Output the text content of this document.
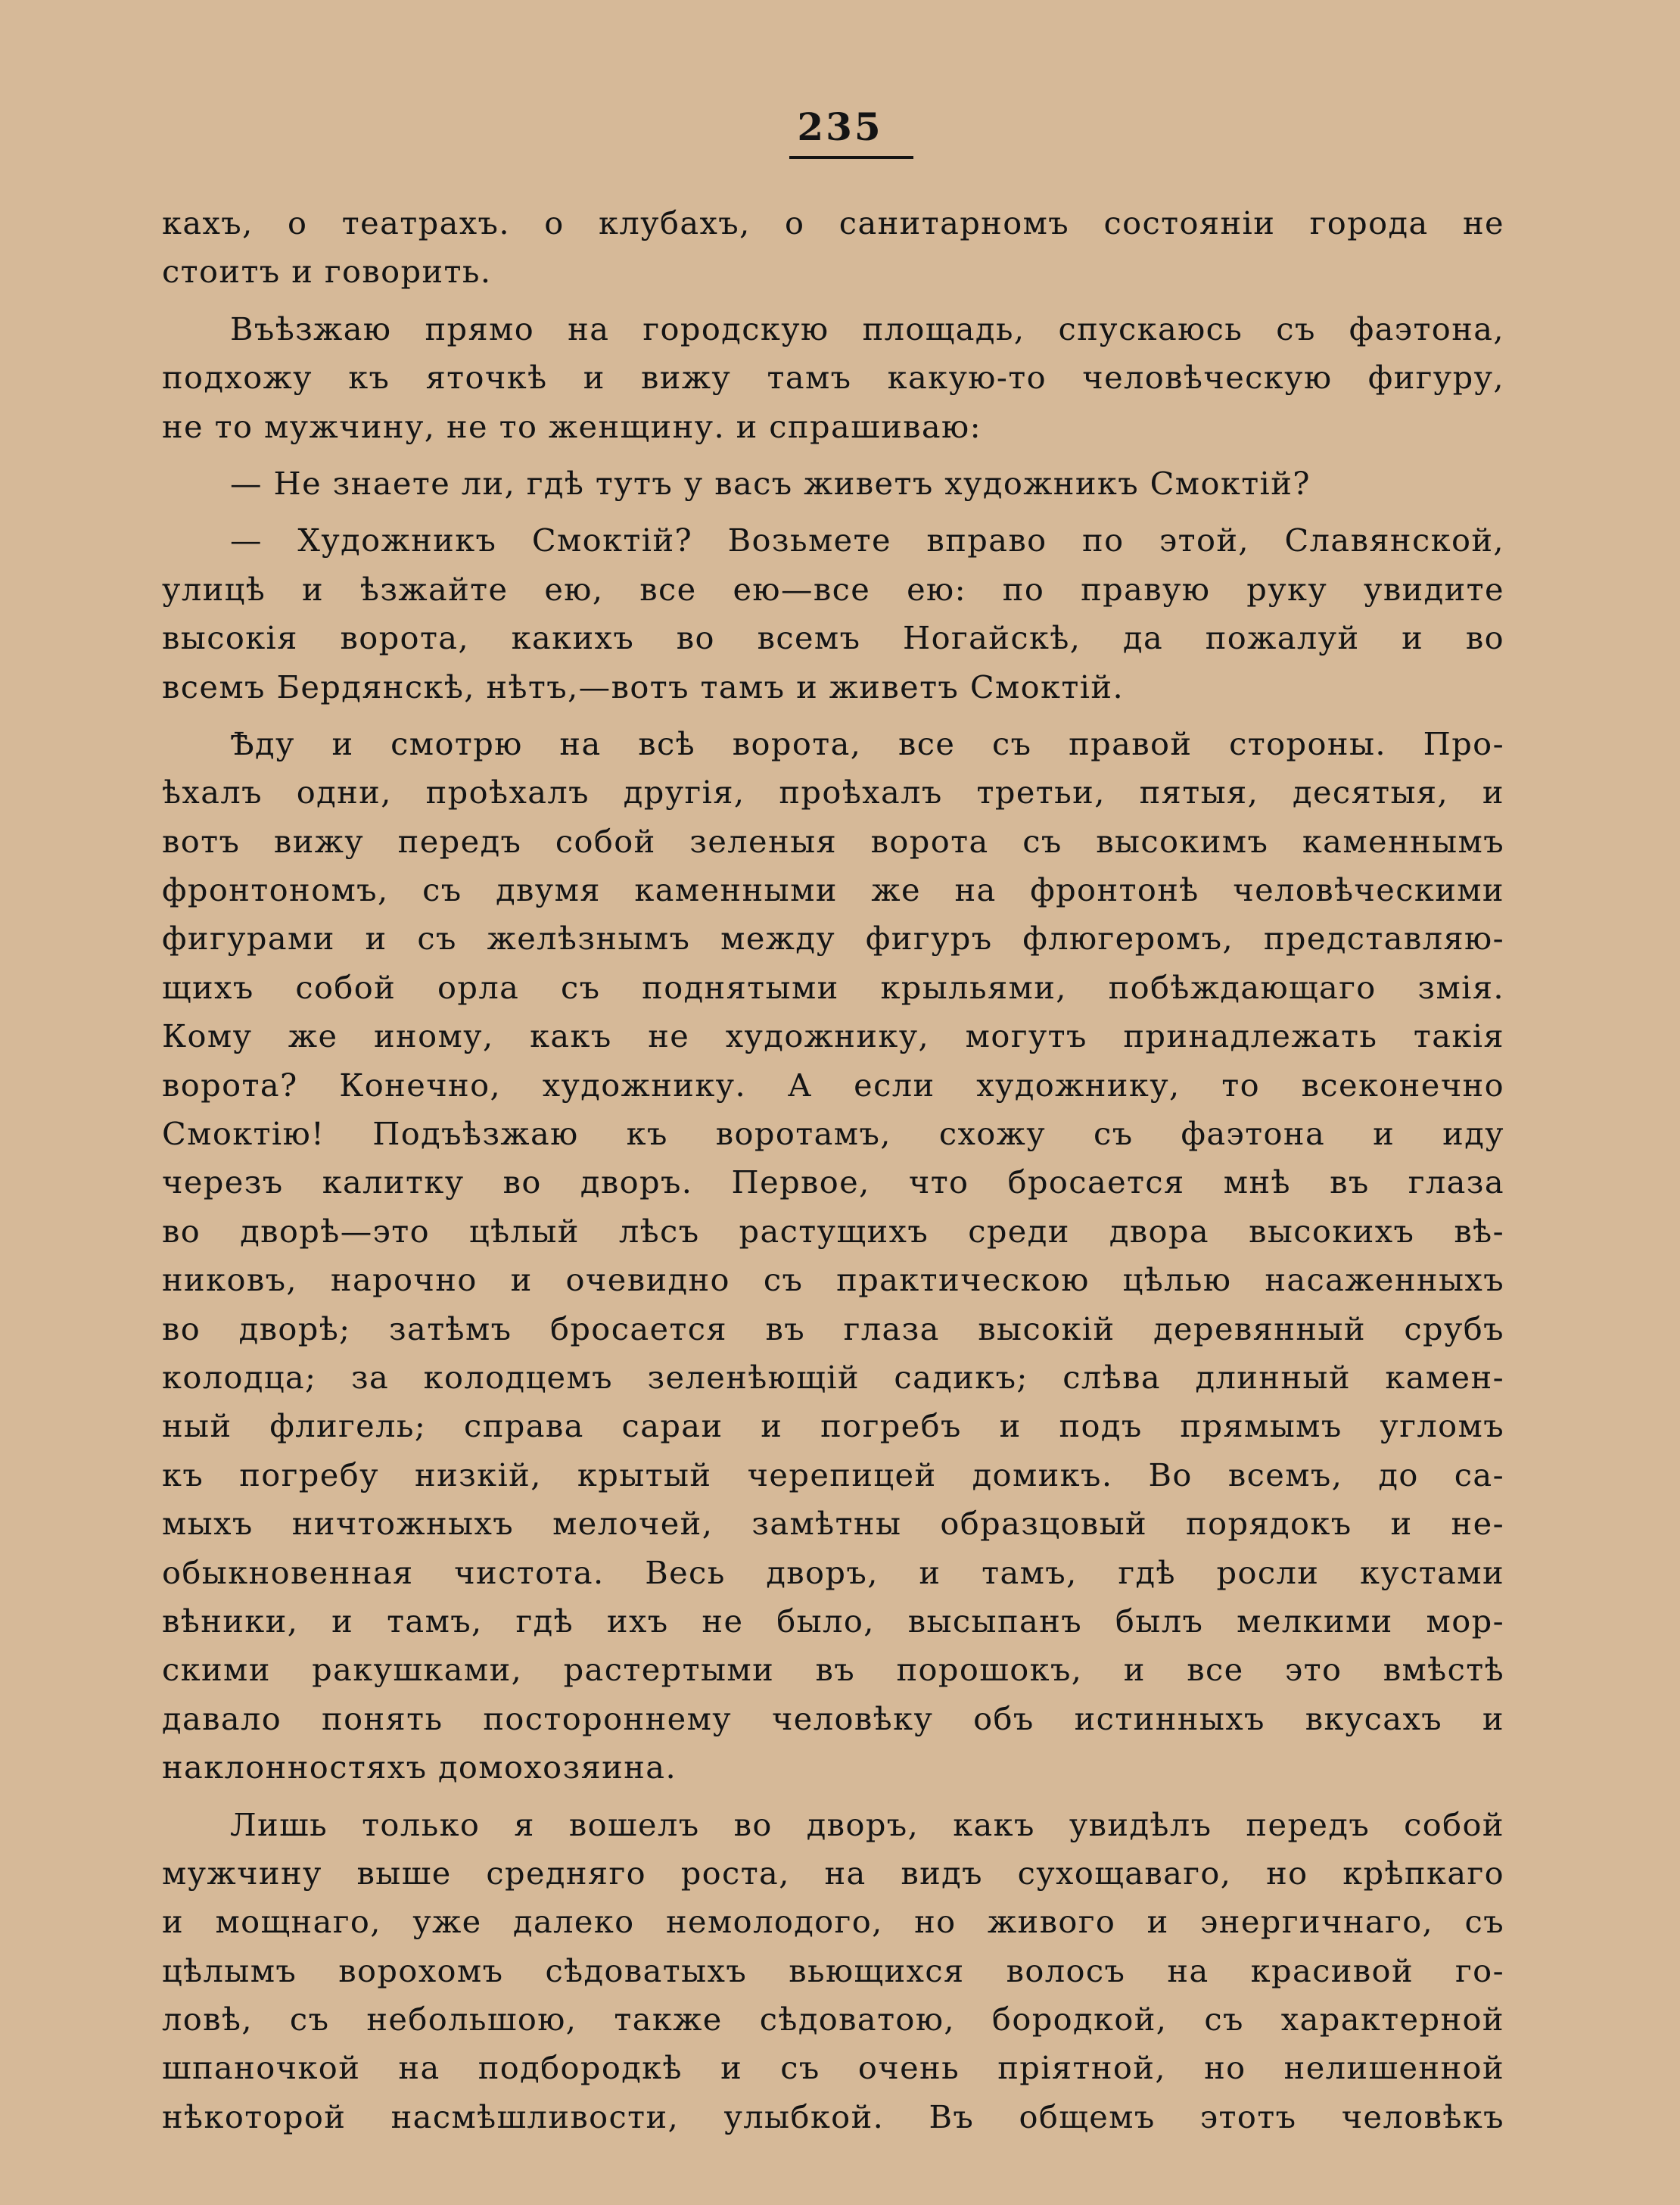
235
кахъ, о театрахъ. о клубахъ, о санитарномъ состоянiи города не
стоитъ и говорить.
Въѣзжаю прямо на городскую площадь, спускаюсь съ фаэтона,
подхожу къ яточкѣ и вижу тамъ какую-то человѣческую фигуру,
не то мужчину, не то женщину. и спрашиваю:
— Не знаете ли, гдѣ тутъ у васъ живетъ художникъ Смоктiй?
— Художникъ Смоктiй? Возьмете вправо по этой, Славянской,
улицѣ и ѣзжайте ею, все ею—все ею: по правую руку увидите
высокiя ворота, какихъ во всемъ Ногайскѣ, да пожалуй и во
всемъ Бердянскѣ, нѣтъ,—вотъ тамъ и живетъ Смоктiй.
Ѣду и смотрю на всѣ ворота, все съ правой стороны. Про-
ѣхалъ одни, проѣхалъ другiя, проѣхалъ третьи, пятыя, десятыя, и
вотъ вижу передъ собой зеленыя ворота съ высокимъ каменнымъ
фронтономъ, съ двумя каменными же на фронтонѣ человѣческими
фигурами и съ желѣзнымъ между фигуръ флюгеромъ, представляю-
щихъ собой орла съ поднятыми крыльями, побѣждающаго змiя.
Кому же иному, какъ не художнику, могутъ принадлежать такiя
ворота? Конечно, художнику. А если художнику, то всеконечно
Смоктiю! Подъѣзжаю къ воротамъ, схожу съ фаэтона и иду
черезъ калитку во дворъ. Первое, что бросается мнѣ въ глаза
во дворѣ—это цѣлый лѣсъ растущихъ среди двора высокихъ вѣ-
никовъ, нарочно и очевидно съ практическою цѣлью насаженныхъ
во дворѣ; затѣмъ бросается въ глаза высокiй деревянный срубъ
колодца; за колодцемъ зеленѣющiй садикъ; слѣва длинный камен-
ный флигель; справа сараи и погребъ и подъ прямымъ угломъ
къ погребу низкiй, крытый черепицей домикъ. Во всемъ, до са-
мыхъ ничтожныхъ мелочей, замѣтны образцовый порядокъ и не-
обыкновенная чистота. Весь дворъ, и тамъ, гдѣ росли кустами
вѣники, и тамъ, гдѣ ихъ не было, высыпанъ былъ мелкими мор-
скими ракушками, растертыми въ порошокъ, и все это вмѣстѣ
давало понять постороннему человѣку объ истинныхъ вкусахъ и
наклонностяхъ домохозяина.
Лишь только я вошелъ во дворъ, какъ увидѣлъ передъ собой
мужчину выше средняго роста, на видъ сухощаваго, но крѣпкаго
и мощнаго, уже далеко немолодого, но живого и энергичнаго, съ
цѣлымъ ворохомъ сѣдоватыхъ вьющихся волосъ на красивой го-
ловѣ, съ небольшою, также сѣдоватою, бородкой, съ характерной
шпаночкой на подбородкѣ и съ очень прiятной, но нелишенной
нѣкоторой насмѣшливости, улыбкой. Въ общемъ этотъ человѣкъ
